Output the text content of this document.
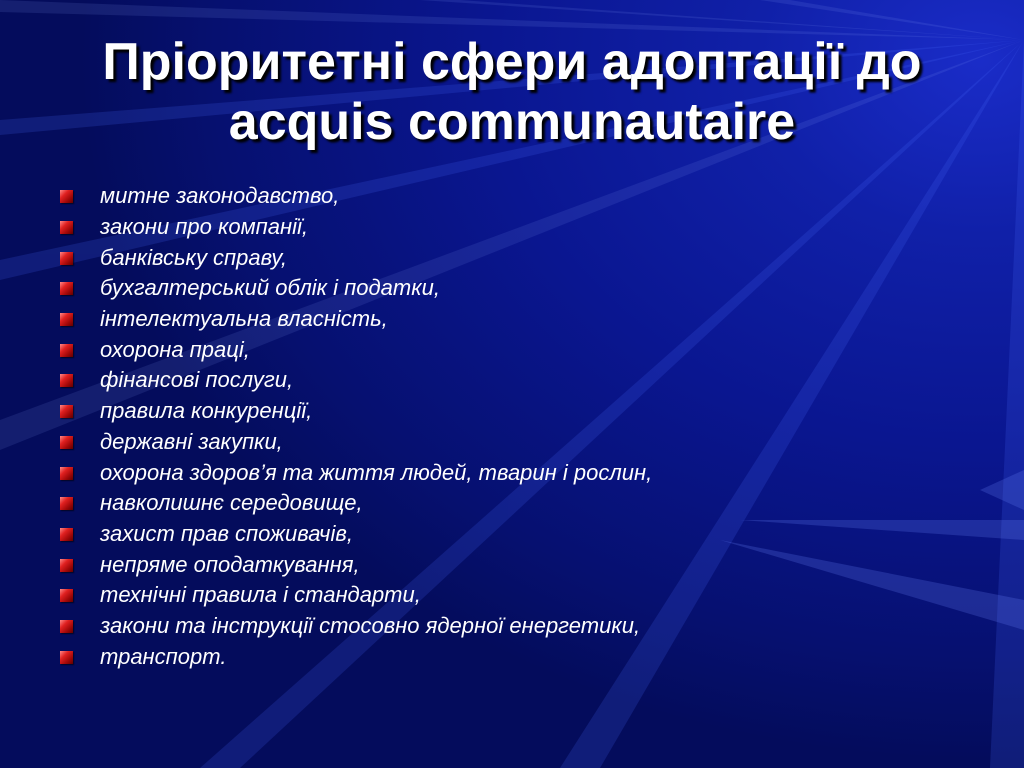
Пріоритетні сфери адоптації до
acquis communautaire
митне законодавство,
закони про компанії,
банківську справу,
бухгалтерський облік і податки,
інтелектуальна власність,
охорона праці,
фінансові послуги,
правила конкуренції,
державні закупки,
охорона здоров’я та життя людей, тварин і рослин,
навколишнє середовище,
захист прав споживачів,
непряме оподаткування,
технічні правила і стандарти,
закони та інструкції стосовно ядерної енергетики,
транспорт.
